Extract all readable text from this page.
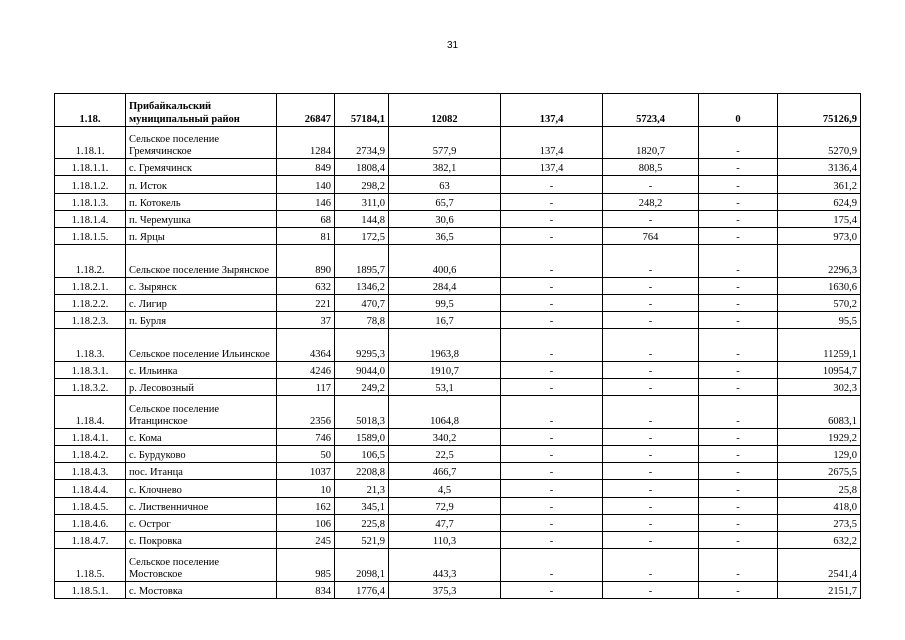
31
1.18.	Прибайкальский муниципальный район	26847	57184,1	12082	137,4	5723,4	0	75126,9
1.18.1.	Сельское поселение Гремячинское	1284	2734,9	577,9	137,4	1820,7	-	5270,9
1.18.1.1.	с. Гремячинск	849	1808,4	382,1	137,4	808,5	-	3136,4
1.18.1.2.	п. Исток	140	298,2	63	-	-	-	361,2
1.18.1.3.	п. Котокель	146	311,0	65,7	-	248,2	-	624,9
1.18.1.4.	п. Черемушка	68	144,8	30,6	-	-	-	175,4
1.18.1.5.	п. Ярцы	81	172,5	36,5	-	764	-	973,0
1.18.2.	Сельское поселение Зырянское	890	1895,7	400,6	-	-	-	2296,3
1.18.2.1.	с. Зырянск	632	1346,2	284,4	-	-	-	1630,6
1.18.2.2.	с. Лигир	221	470,7	99,5	-	-	-	570,2
1.18.2.3.	п. Бурля	37	78,8	16,7	-	-	-	95,5
1.18.3.	Сельское поселение Ильинское	4364	9295,3	1963,8	-	-	-	11259,1
1.18.3.1.	с. Ильинка	4246	9044,0	1910,7	-	-	-	10954,7
1.18.3.2.	р. Лесовозный	117	249,2	53,1	-	-	-	302,3
1.18.4.	Сельское поселение Итанцинское	2356	5018,3	1064,8	-	-	-	6083,1
1.18.4.1.	с. Кома	746	1589,0	340,2	-	-	-	1929,2
1.18.4.2.	с. Бурдуково	50	106,5	22,5	-	-	-	129,0
1.18.4.3.	пос. Итанца	1037	2208,8	466,7	-	-	-	2675,5
1.18.4.4.	с. Клочнево	10	21,3	4,5	-	-	-	25,8
1.18.4.5.	с. Лиственничное	162	345,1	72,9	-	-	-	418,0
1.18.4.6.	с. Острог	106	225,8	47,7	-	-	-	273,5
1.18.4.7.	с. Покровка	245	521,9	110,3	-	-	-	632,2
1.18.5.	Сельское поселение Мостовское	985	2098,1	443,3	-	-	-	2541,4
1.18.5.1.	с. Мостовка	834	1776,4	375,3	-	-	-	2151,7
